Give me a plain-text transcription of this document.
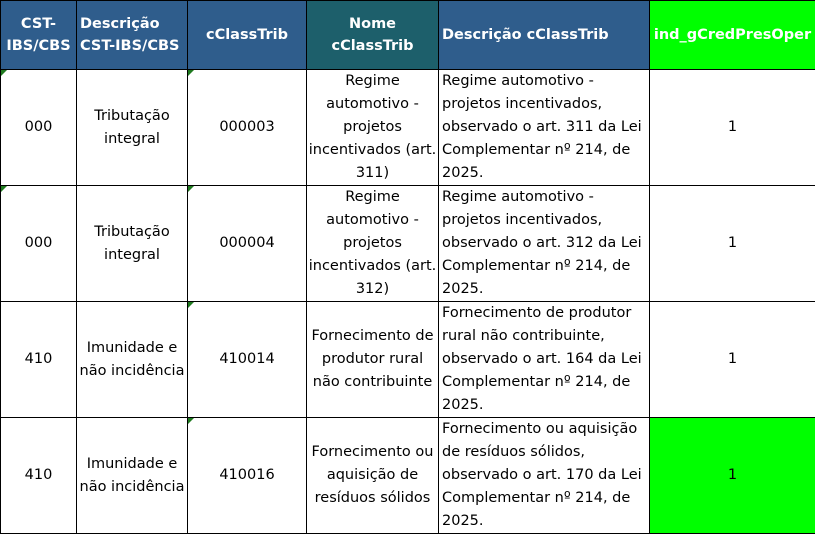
CST-IBS/CBS	Descrição CST-IBS/CBS	cClassTrib	Nome cClassTrib	Descrição cClassTrib	ind_gCredPresOper

000	Tributação integral	000003	Regime automotivo - projetos incentivados (art. 311)	Regime automotivo - projetos incentivados, observado o art. 311 da Lei Complementar nº 214, de 2025.	1

000	Tributação integral	000004	Regime automotivo - projetos incentivados (art. 312)	Regime automotivo - projetos incentivados, observado o art. 312 da Lei Complementar nº 214, de 2025.	1
410	Imunidade e não incidência	410014	Fornecimento de produtor rural não contribuinte	Fornecimento de produtor rural não contribuinte, observado o art. 164 da Lei Complementar nº 214, de 2025.	1
410	Imunidade e não incidência	410016	Fornecimento ou aquisição de resíduos sólidos	Fornecimento ou aquisição de resíduos sólidos, observado o art. 170 da Lei Complementar nº 214, de 2025.	1
